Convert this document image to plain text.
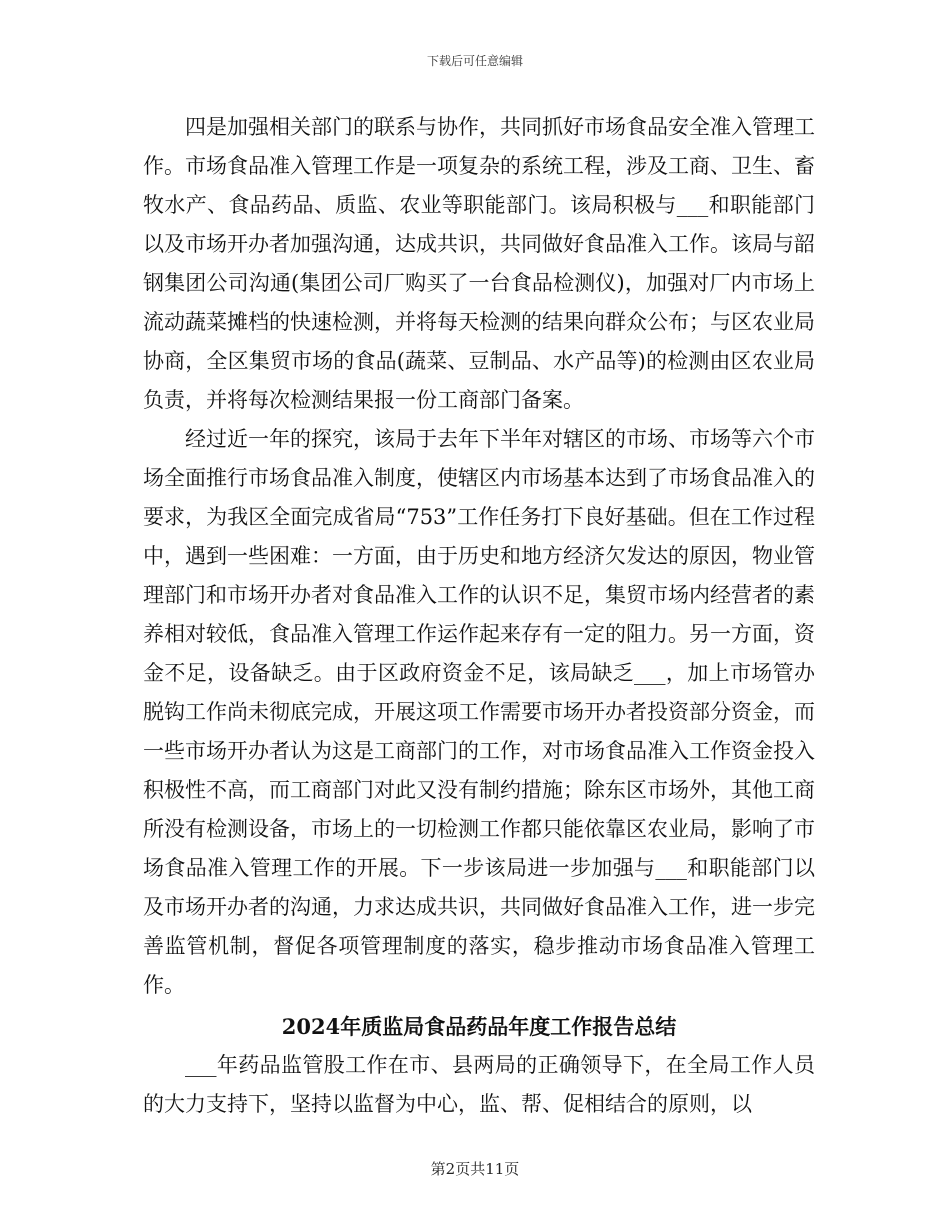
下载后可任意编辑

四是加强相关部门的联系与协作，共同抓好市场食品安全准入管理工作。市场食品准入管理工作是一项复杂的系统工程，涉及工商、卫生、畜牧水产、食品药品、质监、农业等职能部门。该局积极与___和职能部门以及市场开办者加强沟通，达成共识，共同做好食品准入工作。该局与韶钢集团公司沟通(集团公司厂购买了一台食品检测仪)，加强对厂内市场上流动蔬菜摊档的快速检测，并将每天检测的结果向群众公布；与区农业局协商，全区集贸市场的食品(蔬菜、豆制品、水产品等)的检测由区农业局负责，并将每次检测结果报一份工商部门备案。

经过近一年的探究，该局于去年下半年对辖区的市场、市场等六个市场全面推行市场食品准入制度，使辖区内市场基本达到了市场食品准入的要求，为我区全面完成省局“753”工作任务打下良好基础。但在工作过程中，遇到一些困难：一方面，由于历史和地方经济欠发达的原因，物业管理部门和市场开办者对食品准入工作的认识不足，集贸市场内经营者的素养相对较低，食品准入管理工作运作起来存有一定的阻力。另一方面，资金不足，设备缺乏。由于区政府资金不足，该局缺乏___，加上市场管办脱钩工作尚未彻底完成，开展这项工作需要市场开办者投资部分资金，而一些市场开办者认为这是工商部门的工作，对市场食品准入工作资金投入积极性不高，而工商部门对此又没有制约措施；除东区市场外，其他工商所没有检测设备，市场上的一切检测工作都只能依靠区农业局，影响了市场食品准入管理工作的开展。下一步该局进一步加强与___和职能部门以及市场开办者的沟通，力求达成共识，共同做好食品准入工作，进一步完善监管机制，督促各项管理制度的落实，稳步推动市场食品准入管理工作。

2024年质监局食品药品年度工作报告总结

___年药品监管股工作在市、县两局的正确领导下，在全局工作人员的大力支持下，坚持以监督为中心，监、帮、促相结合的原则，以

第2页共11页
